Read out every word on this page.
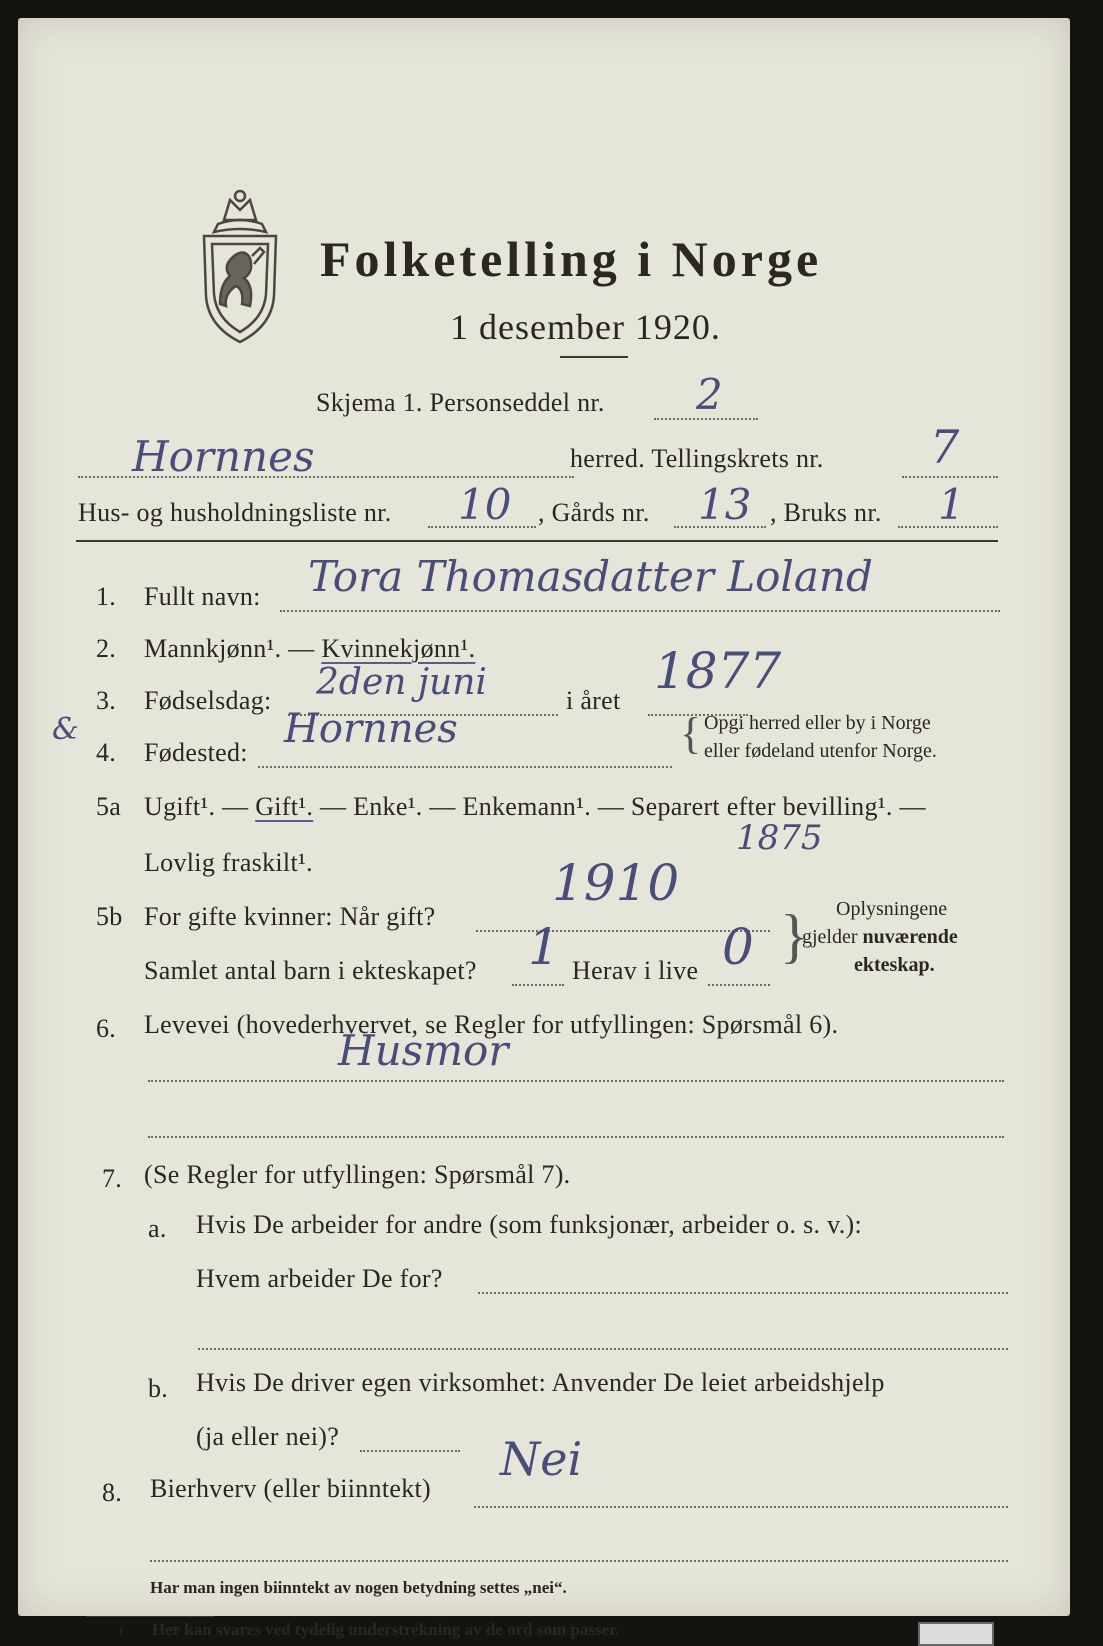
Folketelling i Norge
1 desember 1920.
Skjema 1. Personseddel nr. 2
Hornnes	herred. Tellingskrets nr. 7
Hus- og husholdningsliste nr. 10 , Gårds nr. 13 , Bruks nr. 1
1. Fullt navn: Tora Thomasdatter Loland
2. Mannkjønn¹. — Kvinnekjønn¹.
3. Fødselsdag: 2den juni	i året
1877
&
4. Fødested:
Hornnes	{ Opgi herred eller by i Norge
eller fødeland utenfor Norge.
5a Ugift¹. — Gift¹. — Enke¹. — Enkemann¹. — Separert efter bevilling¹. —
Lovlig fraskilt¹.
1875
5b For gifte kvinner: Når gift?
1910
Samlet antal barn i ekteskapet? 1 Herav i live 0 } Oplysningene
gjelder nuværende
ekteskap.
6. Levevei (hovederhvervet, se Regler for utfyllingen: Spørsmål 6).
Husmor
7. (Se Regler for utfyllingen: Spørsmål 7).
a. Hvis De arbeider for andre (som funksjonær, arbeider o. s. v.):
Hvem arbeider De for?
b. Hvis De driver egen virksomhet: Anvender De leiet arbeidshjelp
(ja eller nei)?
8. Bierhverv (eller biinntekt)
Nei
Har man ingen biinntekt av nogen betydning settes „nei“.
1 Her kan svares ved tydelig understrekning av de ord som passer.
